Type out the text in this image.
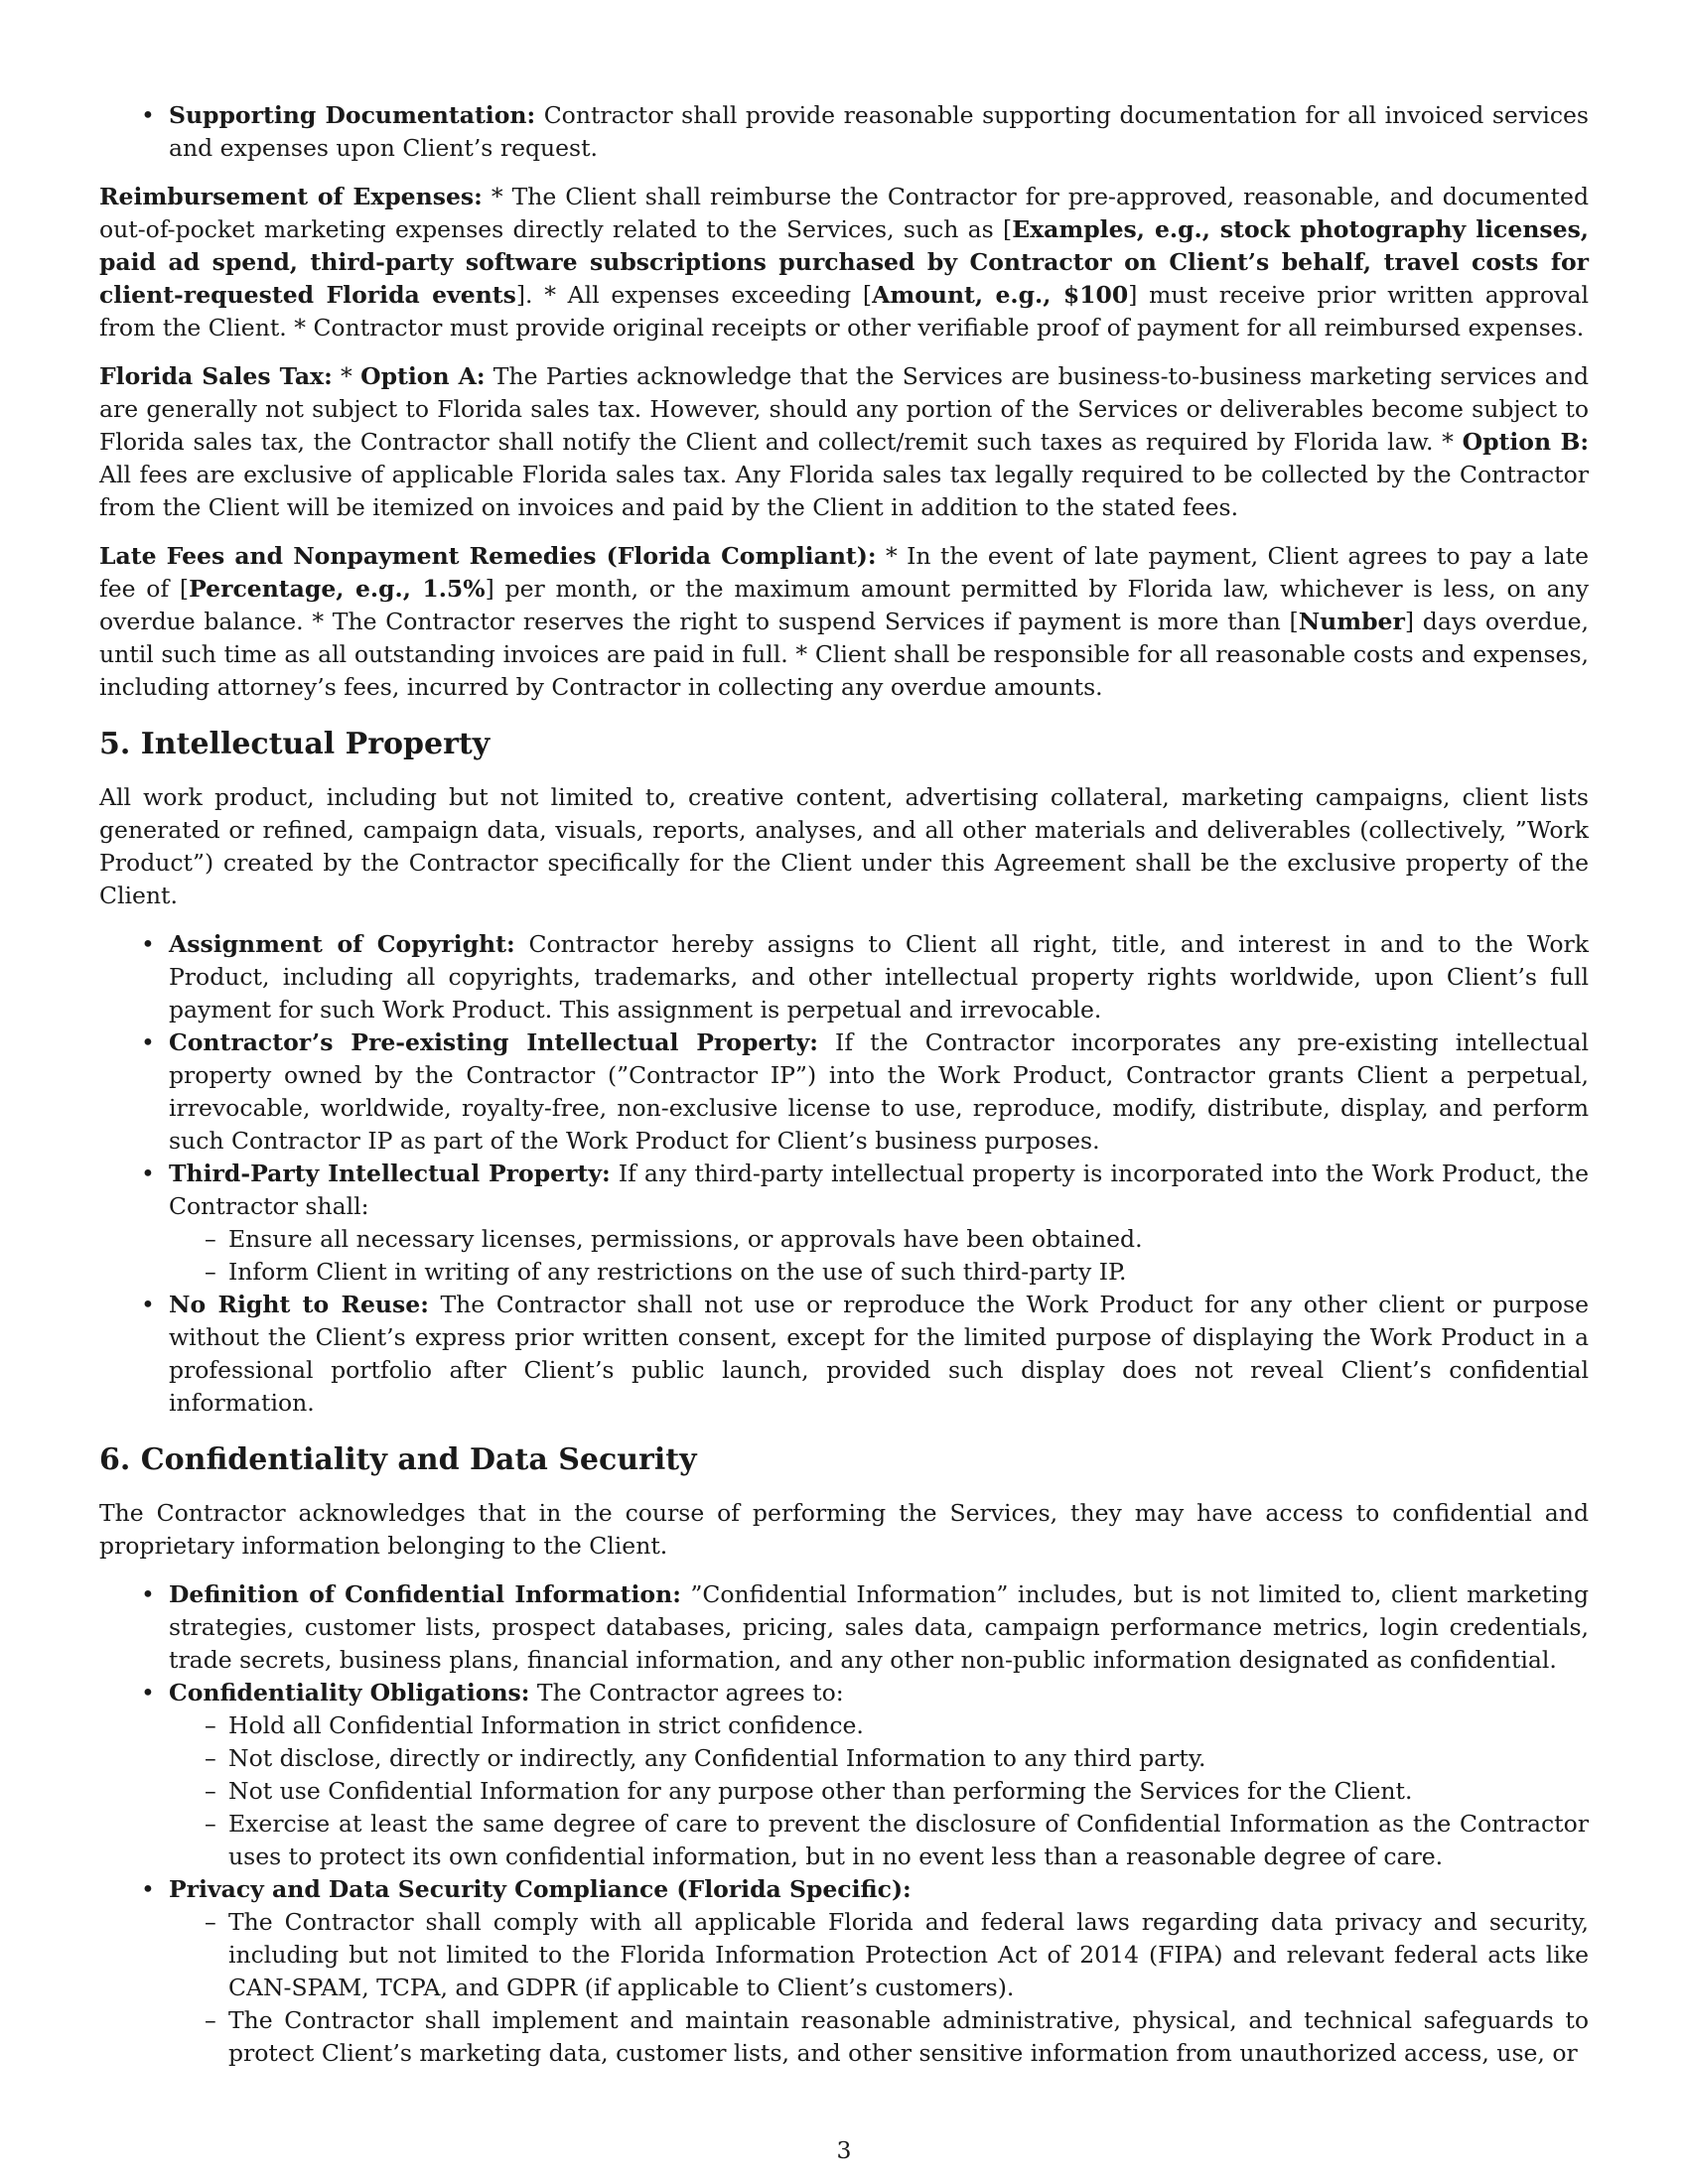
• Supporting Documentation: Contractor shall provide reasonable supporting documentation for all invoiced services and expenses upon Client’s request.

Reimbursement of Expenses: * The Client shall reimburse the Contractor for pre-approved, reasonable, and documented out-of-pocket marketing expenses directly related to the Services, such as [Examples, e.g., stock photography licenses, paid ad spend, third-party software subscriptions purchased by Contractor on Client’s behalf, travel costs for client-requested Florida events]. * All expenses exceeding [Amount, e.g., $100] must receive prior written approval from the Client. * Contractor must provide original receipts or other verifiable proof of payment for all reimbursed expenses.

Florida Sales Tax: * Option A: The Parties acknowledge that the Services are business-to-business marketing services and are generally not subject to Florida sales tax. However, should any portion of the Services or deliverables become subject to Florida sales tax, the Contractor shall notify the Client and collect/remit such taxes as required by Florida law. * Option B: All fees are exclusive of applicable Florida sales tax. Any Florida sales tax legally required to be collected by the Contractor from the Client will be itemized on invoices and paid by the Client in addition to the stated fees.

Late Fees and Nonpayment Remedies (Florida Compliant): * In the event of late payment, Client agrees to pay a late fee of [Percentage, e.g., 1.5%] per month, or the maximum amount permitted by Florida law, whichever is less, on any overdue balance. * The Contractor reserves the right to suspend Services if payment is more than [Number] days overdue, until such time as all outstanding invoices are paid in full. * Client shall be responsible for all reasonable costs and expenses, including attorney’s fees, incurred by Contractor in collecting any overdue amounts.

5. Intellectual Property

All work product, including but not limited to, creative content, advertising collateral, marketing campaigns, client lists generated or refined, campaign data, visuals, reports, analyses, and all other materials and deliverables (collectively, ”Work Product”) created by the Contractor specifically for the Client under this Agreement shall be the exclusive property of the Client.

• Assignment of Copyright: Contractor hereby assigns to Client all right, title, and interest in and to the Work Product, including all copyrights, trademarks, and other intellectual property rights worldwide, upon Client’s full payment for such Work Product. This assignment is perpetual and irrevocable.
• Contractor’s Pre-existing Intellectual Property: If the Contractor incorporates any pre-existing intellectual property owned by the Contractor (”Contractor IP”) into the Work Product, Contractor grants Client a perpetual, irrevocable, worldwide, royalty-free, non-exclusive license to use, reproduce, modify, distribute, display, and perform such Contractor IP as part of the Work Product for Client’s business purposes.
• Third-Party Intellectual Property: If any third-party intellectual property is incorporated into the Work Product, the Contractor shall:
– Ensure all necessary licenses, permissions, or approvals have been obtained.
– Inform Client in writing of any restrictions on the use of such third-party IP.
• No Right to Reuse: The Contractor shall not use or reproduce the Work Product for any other client or purpose without the Client’s express prior written consent, except for the limited purpose of displaying the Work Product in a professional portfolio after Client’s public launch, provided such display does not reveal Client’s confidential information.
6. Confidentiality and Data Security

The Contractor acknowledges that in the course of performing the Services, they may have access to confidential and proprietary information belonging to the Client.

• Definition of Confidential Information: ”Confidential Information” includes, but is not limited to, client marketing strategies, customer lists, prospect databases, pricing, sales data, campaign performance metrics, login credentials, trade secrets, business plans, financial information, and any other non-public information designated as confidential.
• Confidentiality Obligations: The Contractor agrees to:
– Hold all Confidential Information in strict confidence.
– Not disclose, directly or indirectly, any Confidential Information to any third party.
– Not use Confidential Information for any purpose other than performing the Services for the Client.
– Exercise at least the same degree of care to prevent the disclosure of Confidential Information as the Contractor uses to protect its own confidential information, but in no event less than a reasonable degree of care.
• Privacy and Data Security Compliance (Florida Specific):
– The Contractor shall comply with all applicable Florida and federal laws regarding data privacy and security, including but not limited to the Florida Information Protection Act of 2014 (FIPA) and relevant federal acts like CAN-SPAM, TCPA, and GDPR (if applicable to Client’s customers).
– The Contractor shall implement and maintain reasonable administrative, physical, and technical safeguards to protect Client’s marketing data, customer lists, and other sensitive information from unauthorized access, use, or
3
